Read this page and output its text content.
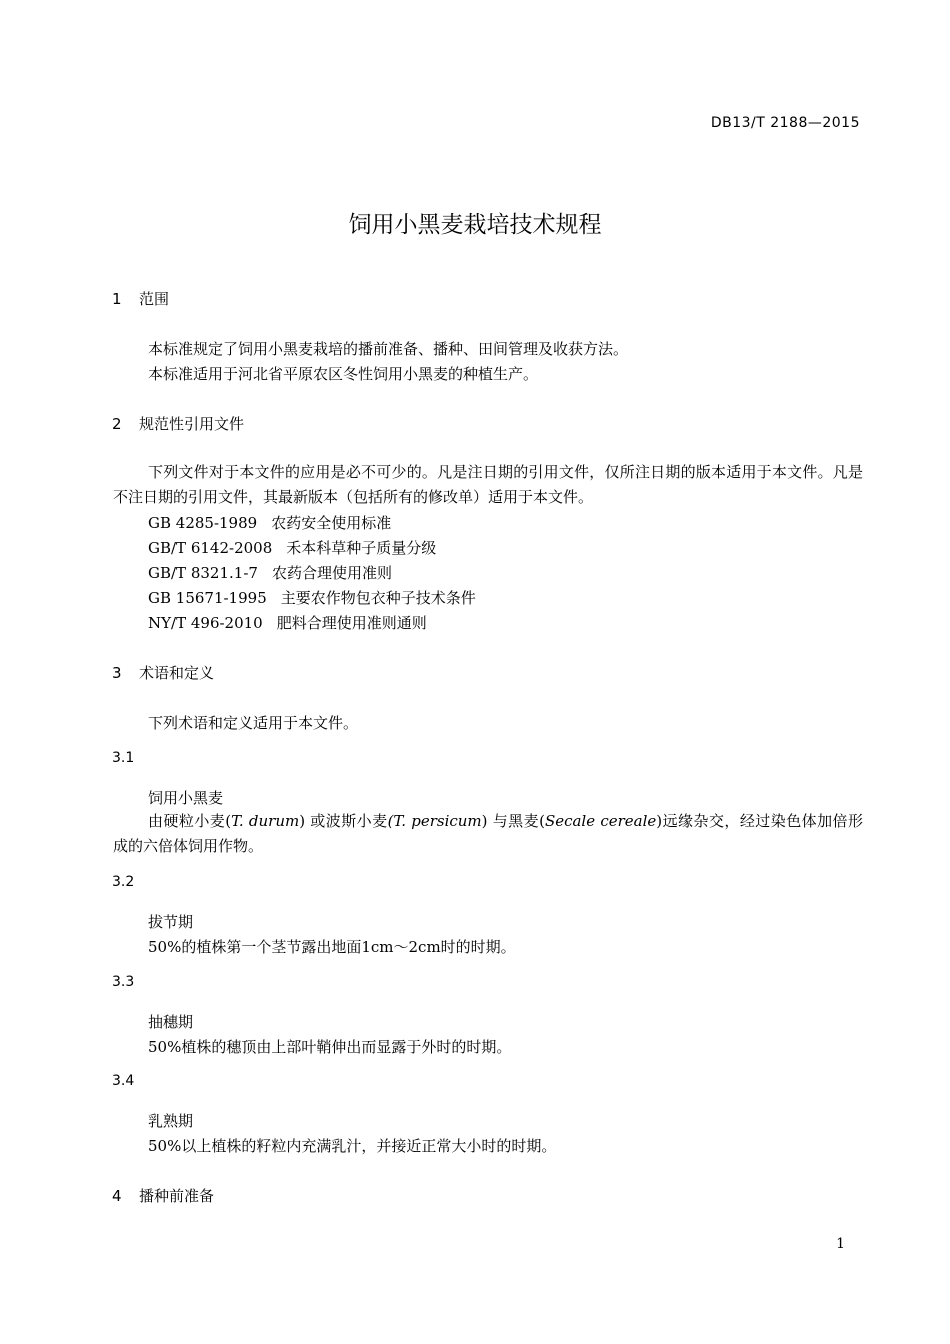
DB13/T 2188—2015
饲用小黑麦栽培技术规程
1 范围
本标准规定了饲用小黑麦栽培的播前准备、播种、田间管理及收获方法。
本标准适用于河北省平原农区冬性饲用小黑麦的种植生产。
2 规范性引用文件
下列文件对于本文件的应用是必不可少的。凡是注日期的引用文件，仅所注日期的版本适用于本文件。凡是不注日期的引用文件，其最新版本（包括所有的修改单）适用于本文件。
GB 4285-1989 农药安全使用标准
GB/T 6142-2008 禾本科草种子质量分级
GB/T 8321.1-7 农药合理使用准则
GB 15671-1995 主要农作物包衣种子技术条件
NY/T 496-2010 肥料合理使用准则通则
3 术语和定义
下列术语和定义适用于本文件。
3.1
饲用小黑麦
由硬粒小麦(T. durum) 或波斯小麦(T. persicum) 与黑麦(Secale cereale)远缘杂交，经过染色体加倍形成的六倍体饲用作物。
3.2
拔节期
50%的植株第一个茎节露出地面1cm～2cm时的时期。
3.3
抽穗期
50%植株的穗顶由上部叶鞘伸出而显露于外时的时期。
3.4
乳熟期
50%以上植株的籽粒内充满乳汁，并接近正常大小时的时期。
4 播种前准备
1
